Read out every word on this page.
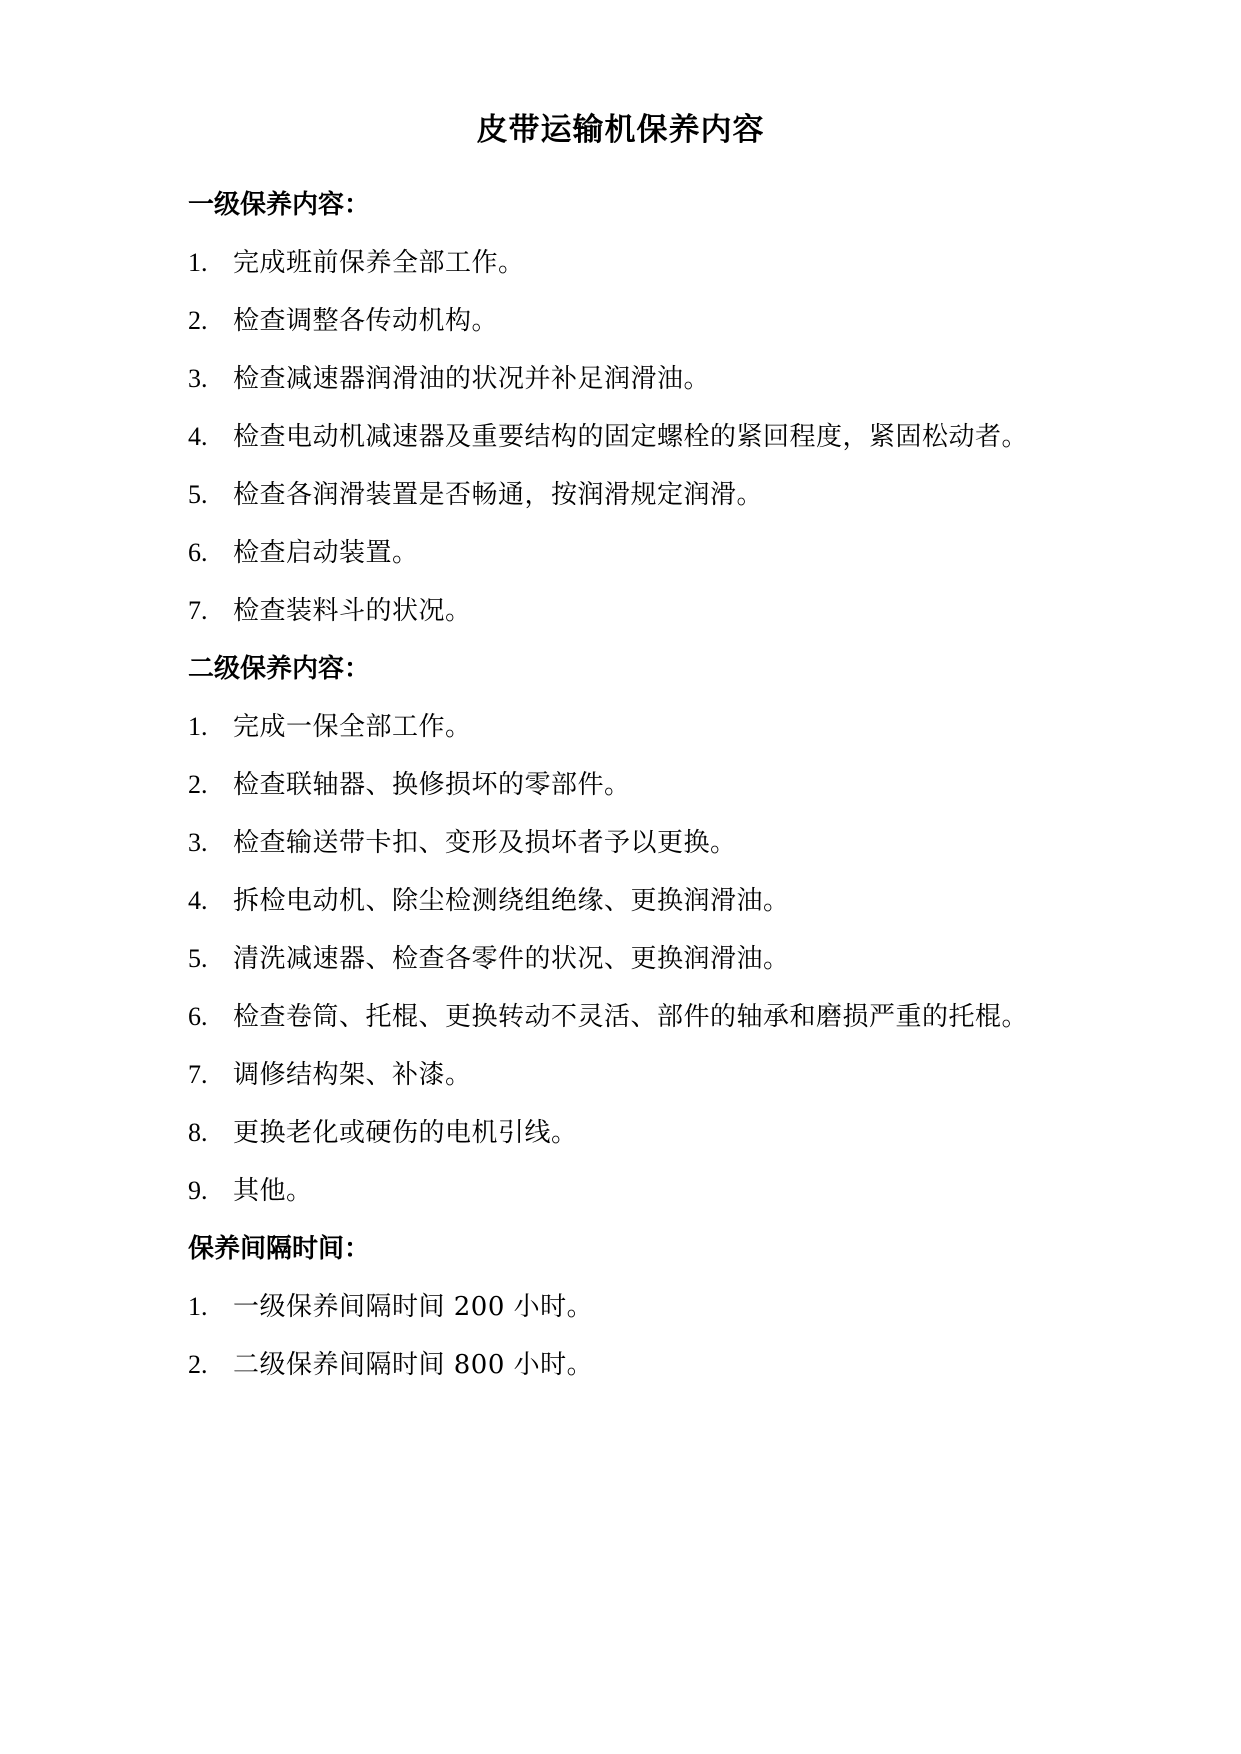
皮带运输机保养内容
一级保养内容：
1. 完成班前保养全部工作。
2. 检查调整各传动机构。
3. 检查减速器润滑油的状况并补足润滑油。
4. 检查电动机减速器及重要结构的固定螺栓的紧回程度，紧固松动者。
5. 检查各润滑装置是否畅通，按润滑规定润滑。
6. 检查启动装置。
7. 检查装料斗的状况。
二级保养内容：
1. 完成一保全部工作。
2. 检查联轴器、换修损坏的零部件。
3. 检查输送带卡扣、变形及损坏者予以更换。
4. 拆检电动机、除尘检测绕组绝缘、更换润滑油。
5. 清洗减速器、检查各零件的状况、更换润滑油。
6. 检查卷筒、托棍、更换转动不灵活、部件的轴承和磨损严重的托棍。
7. 调修结构架、补漆。
8. 更换老化或硬伤的电机引线。
9. 其他。
保养间隔时间：
1. 一级保养间隔时间 200 小时。
2. 二级保养间隔时间 800 小时。
